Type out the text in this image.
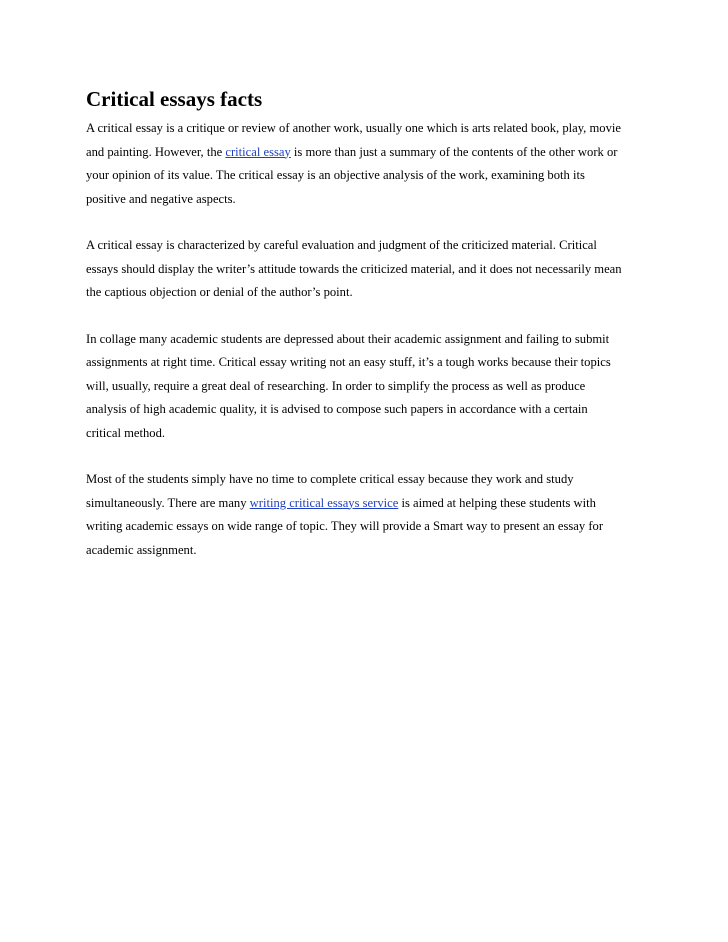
Critical essays facts

A critical essay is a critique or review of another work, usually one which is arts related book, play, movie
and painting. However, the critical essay is more than just a summary of the contents of the other work or
your opinion of its value. The critical essay is an objective analysis of the work, examining both its
positive and negative aspects.

A critical essay is characterized by careful evaluation and judgment of the criticized material. Critical
essays should display the writer’s attitude towards the criticized material, and it does not necessarily mean
the captious objection or denial of the author’s point.

In collage many academic students are depressed about their academic assignment and failing to submit
assignments at right time. Critical essay writing not an easy stuff, it’s a tough works because their topics
will, usually, require a great deal of researching. In order to simplify the process as well as produce
analysis of high academic quality, it is advised to compose such papers in accordance with a certain
critical method.

Most of the students simply have no time to complete critical essay because they work and study
simultaneously. There are many writing critical essays service is aimed at helping these students with
writing academic essays on wide range of topic. They will provide a Smart way to present an essay for
academic assignment.
